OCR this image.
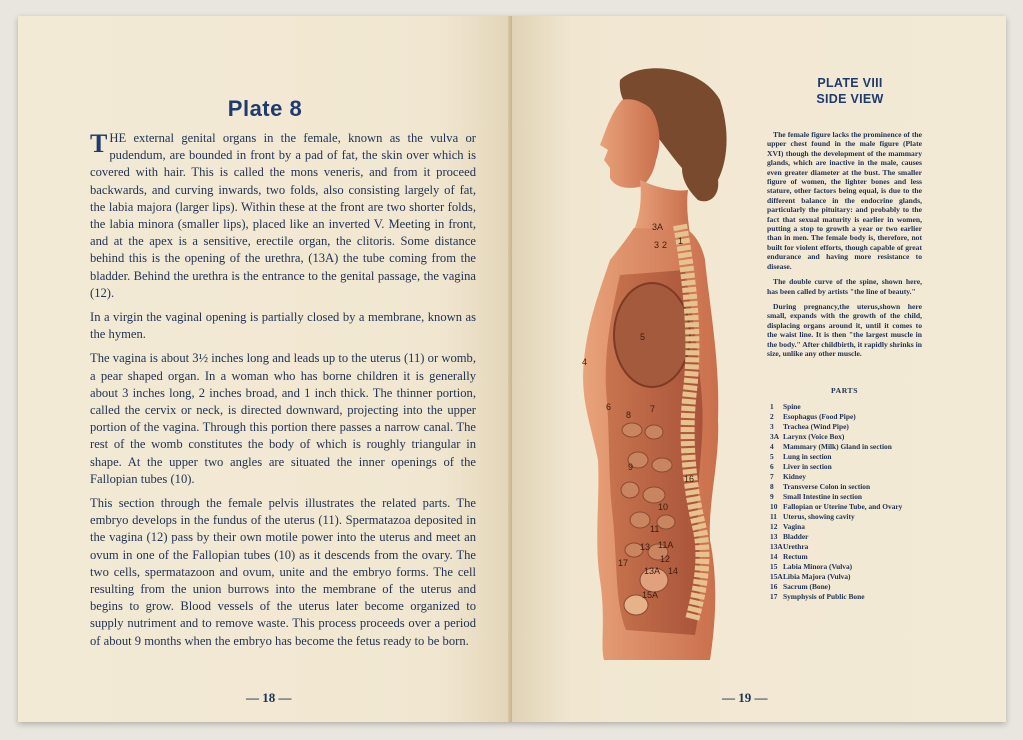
Plate 8

THE external genital organs in the female, known as the vulva or pudendum, are bounded in front by a pad of fat, the skin over which is covered with hair. This is called the mons veneris, and from it proceed backwards, and curving inwards, two folds, also consisting largely of fat, the labia majora (larger lips). Within these at the front are two shorter folds, the labia minora (smaller lips), placed like an inverted V. Meeting in front, and at the apex is a sensitive, erectile organ, the clitoris. Some distance behind this is the opening of the urethra, (13A) the tube coming from the bladder. Behind the urethra is the entrance to the genital passage, the vagina (12).

In a virgin the vaginal opening is partially closed by a membrane, known as the hymen.

The vagina is about 3½ inches long and leads up to the uterus (11) or womb, a pear shaped organ. In a woman who has borne children it is generally about 3 inches long, 2 inches broad, and 1 inch thick. The thinner portion, called the cervix or neck, is directed downward, projecting into the upper portion of the vagina. Through this portion there passes a narrow canal. The rest of the womb constitutes the body of which is roughly triangular in shape. At the upper two angles are situated the inner openings of the Fallopian tubes (10).

This section through the female pelvis illustrates the related parts. The embryo develops in the fundus of the uterus (11). Spermatazoa deposited in the vagina (12) pass by their own motile power into the uterus and meet an ovum in one of the Fallopian tubes (10) as it descends from the ovary. The two cells, spermatazoon and ovum, unite and the embryo forms. The cell resulting from the union burrows into the membrane of the uterus and begins to grow. Blood vessels of the uterus later become organized to supply nutriment and to remove waste. This process proceeds over a period of about 9 months when the embryo has become the fetus ready to be born.

— 18 —	— 19 —
3A
3 2 1
5
4
6
8
7
9
16
10
11
13 11A
17
13A
12
14
15A
PLATE VIII
SIDE VIEW

The female figure lacks the prominence of the upper chest found in the male figure (Plate XVI) though the development of the mammary glands, which are inactive in the male, causes even greater diameter at the bust. The smaller figure of women, the lighter bones and less stature, other factors being equal, is due to the different balance in the endocrine glands, particularly the pituitary: and probably to the fact that sexual maturity is earlier in women, putting a stop to growth a year or two earlier than in men. The female body is, therefore, not built for violent efforts, though capable of great endurance and having more resistance to disease.

The double curve of the spine, shown here, has been called by artists "the line of beauty."

During pregnancy,the uterus,shown here small, expands with the growth of the child, displacing organs around it, until it comes to the waist line. It is then "the largest muscle in the body." After childbirth, it rapidly shrinks in size, unlike any other muscle.

PARTS
1	Spine
2	Esophagus (Food Pipe)
3	Trachea (Wind Pipe)
3A Larynx (Voice Box)
4	Mammary (Milk) Gland in section
5	Lung in section
6	Liver in section
7	Kidney
8	Transverse Colon in section
9	Small Intestine in section
10 Fallopian or Uterine Tube, and Ovary
11 Uterus, showing cavity
12 Vagina
13 Bladder
13A Urethra
14 Rectum
15 Labia Minora (Vulva)
15A Libia Majora (Vulva)
16 Sacrum (Bone)
17 Symphysis of Public Bone
